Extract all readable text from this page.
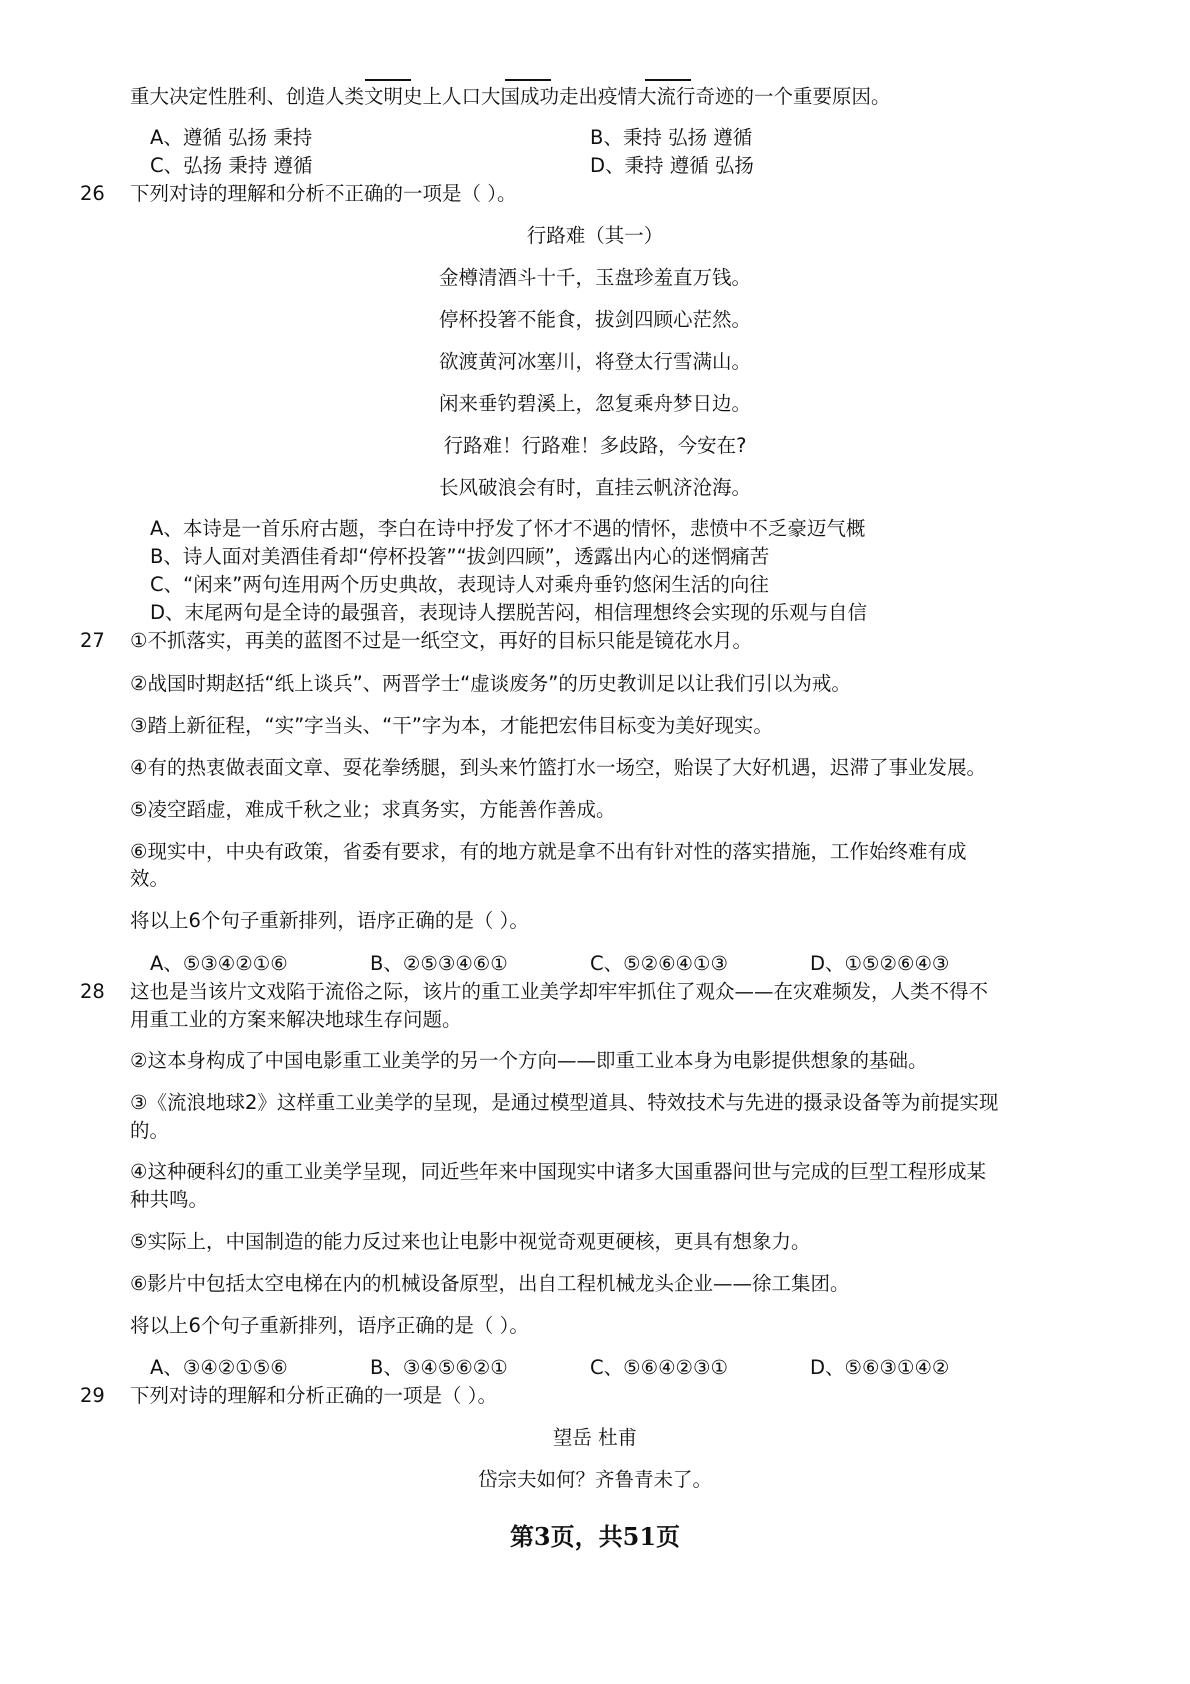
重大决定性胜利、创造人类文明史上人口大国成功走出疫情大流行奇迹的一个重要原因。
A、遵循 弘扬 秉持	B、秉持 弘扬 遵循
C、弘扬 秉持 遵循	D、秉持 遵循 弘扬
26 下列对诗的理解和分析不正确的一项是（ ）。
行路难（其一）
金樽清酒斗十千，玉盘珍羞直万钱。
停杯投箸不能食，拔剑四顾心茫然。
欲渡黄河冰塞川，将登太行雪满山。
闲来垂钓碧溪上，忽复乘舟梦日边。
行路难！行路难！多歧路，今安在?
长风破浪会有时，直挂云帆济沧海。
A、本诗是一首乐府古题，李白在诗中抒发了怀才不遇的情怀，悲愤中不乏豪迈气概
B、诗人面对美酒佳肴却“停杯投箸”“拔剑四顾”，透露出内心的迷惘痛苦
C、“闲来”两句连用两个历史典故，表现诗人对乘舟垂钓悠闲生活的向往
D、末尾两句是全诗的最强音，表现诗人摆脱苦闷，相信理想终会实现的乐观与自信
27 ①不抓落实，再美的蓝图不过是一纸空文，再好的目标只能是镜花水月。
②战国时期赵括“纸上谈兵”、两晋学士“虚谈废务”的历史教训足以让我们引以为戒。
③踏上新征程，“实”字当头、“干”字为本，才能把宏伟目标变为美好现实。
④有的热衷做表面文章、耍花拳绣腿，到头来竹篮打水一场空，贻误了大好机遇，迟滞了事业发展。
⑤凌空蹈虚，难成千秋之业；求真务实，方能善作善成。
⑥现实中，中央有政策，省委有要求，有的地方就是拿不出有针对性的落实措施，工作始终难有成
效。
将以上6个句子重新排列，语序正确的是（ ）。
A、⑤③④②①⑥	B、②⑤③④⑥①	C、⑤②⑥④①③	D、①⑤②⑥④③
28 这也是当该片文戏陷于流俗之际，该片的重工业美学却牢牢抓住了观众——在灾难频发，人类不得不
用重工业的方案来解决地球生存问题。
②这本身构成了中国电影重工业美学的另一个方向——即重工业本身为电影提供想象的基础。
③《流浪地球2》这样重工业美学的呈现，是通过模型道具、特效技术与先进的摄录设备等为前提实现
的。
④这种硬科幻的重工业美学呈现，同近些年来中国现实中诸多大国重器问世与完成的巨型工程形成某
种共鸣。
⑤实际上，中国制造的能力反过来也让电影中视觉奇观更硬核，更具有想象力。
⑥影片中包括太空电梯在内的机械设备原型，出自工程机械龙头企业——徐工集团。
将以上6个句子重新排列，语序正确的是（ ）。
A、③④②①⑤⑥	B、③④⑤⑥②①	C、⑤⑥④②③①	D、⑤⑥③①④②
29 下列对诗的理解和分析正确的一项是（ ）。
望岳 杜甫
岱宗夫如何？齐鲁青未了。
第3页，共51页
